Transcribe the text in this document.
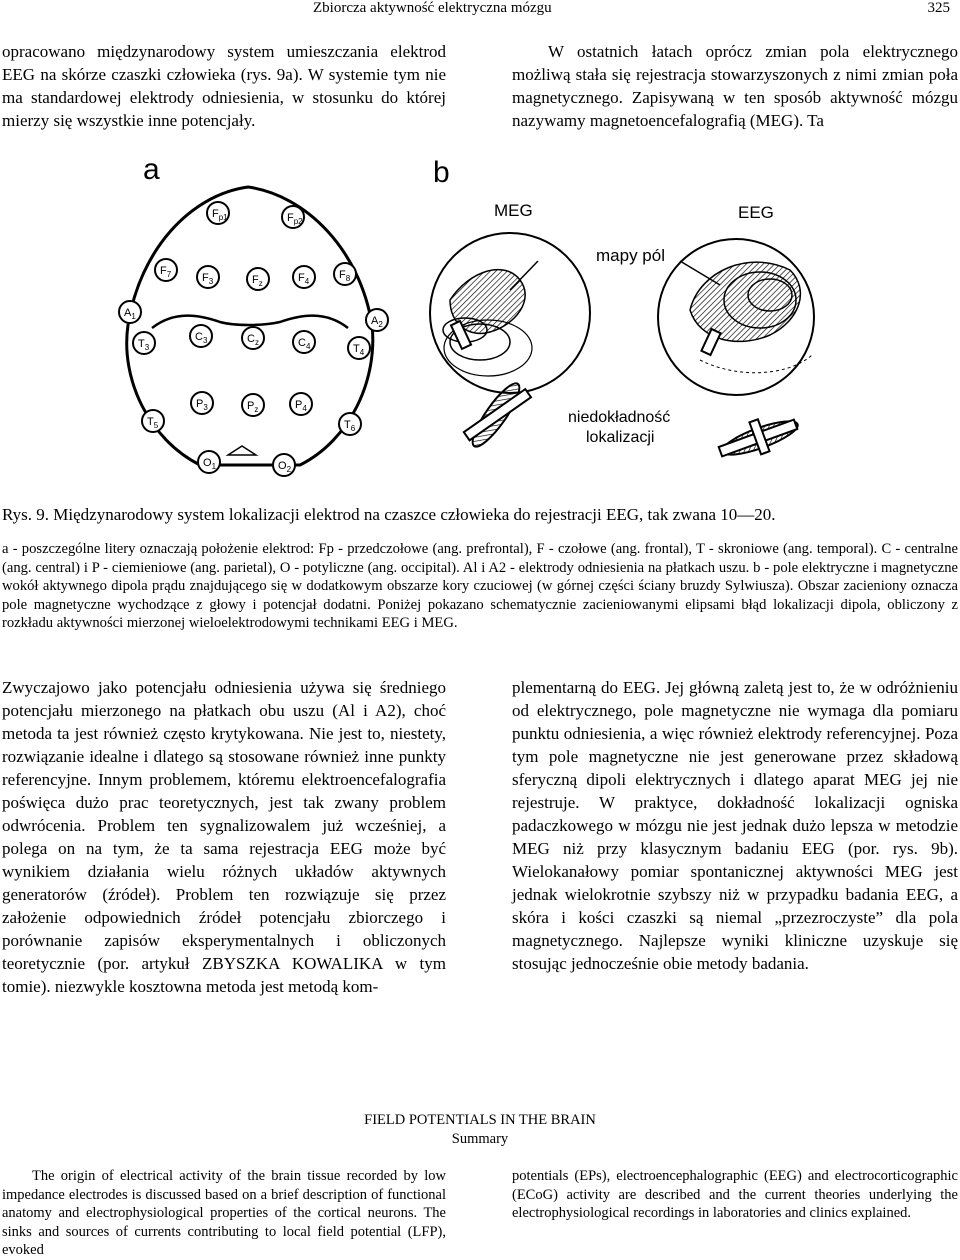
Zbiorcza aktywność elektryczna mózgu	325

opracowano międzynarodowy system umieszczania elektrod EEG na skórze czaszki człowieka (rys. 9a). W systemie tym nie ma standardowej elektrody odniesienia, w stosunku do której mierzy się wszystkie inne potencjały.

W ostatnich łatach oprócz zmian pola elektrycznego możliwą stała się rejestracja stowarzyszonych z nimi zmian poła magnetycznego. Zapisywaną w ten sposób aktywność mózgu nazywamy magnetoencefalografią (MEG). Ta

a
$F_{p1}$	$F_{p2}$
$F_7$	$F_3$	$F_z$	$F_4$
$F_8$
$A_1$	$A_2$
$T_3$
$C_3$	$C_z$	$C_4$	$T_4$
$P_3$	$P_z$	$P_4$
$T_5$	$T_6$
$O_1$	$O_2$
b
MEG	EEG
mapy pól
niedokładność
lokalizacji
Rys. 9. Międzynarodowy system lokalizacji elektrod na czaszce człowieka do rejestracji EEG, tak zwana 10—20.
a - poszczególne litery oznaczają położenie elektrod: Fp - przedczołowe (ang. prefrontal), F - czołowe (ang. frontal), T - skroniowe (ang. temporal). C - centralne (ang. central) i P - ciemieniowe (ang. parietal), O - potyliczne (ang. occipital). Al i A2 - elektrody odniesienia na płatkach uszu. b - pole elektryczne i magnetyczne wokół aktywnego dipola prądu znajdującego się w dodatkowym obszarze kory czuciowej (w górnej części ściany bruzdy Sylwiusza). Obszar zacieniony oznacza pole magnetyczne wychodzące z głowy i potencjał dodatni. Poniżej pokazano schematycznie zacieniowanymi elipsami błąd lokalizacji dipola, obliczony z rozkładu aktywności mierzonej wieloelektrodowymi technikami EEG i MEG.

Zwyczajowo jako potencjału odniesienia używa się średniego potencjału mierzonego na płatkach obu uszu (Al i A2), choć metoda ta jest również często krytykowana. Nie jest to, niestety, rozwiązanie idealne i dlatego są stosowane również inne punkty referencyjne. Innym problemem, któremu elektroencefalografia poświęca dużo prac teoretycznych, jest tak zwany problem odwrócenia. Problem ten sygnalizowalem już wcześniej, a polega on na tym, że ta sama rejestracja EEG może być wynikiem działania wielu różnych układów aktywnych generatorów (źródeł). Problem ten rozwiązuje się przez założenie odpowiednich źródeł potencjału zbiorczego i porównanie zapisów eksperymentalnych i obliczonych teoretycznie (por. artykuł ZBYSZKA KOWALIKA w tym tomie). niezwykle kosztowna metoda jest metodą kom-

plementarną do EEG. Jej główną zaletą jest to, że w odróżnieniu od elektrycznego, pole magnetyczne nie wymaga dla pomiaru punktu odniesienia, a więc również elektrody referencyjnej. Poza tym pole magnetyczne nie jest generowane przez składową sferyczną dipoli elektrycznych i dlatego aparat MEG jej nie rejestruje. W praktyce, dokładność lokalizacji ogniska padaczkowego w mózgu nie jest jednak dużo lepsza w metodzie MEG niż przy klasycznym badaniu EEG (por. rys. 9b). Wielokanałowy pomiar spontanicznej aktywności MEG jest jednak wielokrotnie szybszy niż w przypadku badania EEG, a skóra i kości czaszki są niemal „przezroczyste” dla pola magnetycznego. Najlepsze wyniki kliniczne uzyskuje się stosując jednocześnie obie metody badania.

FIELD POTENTIALS IN THE BRAIN
Summary
The origin of electrical activity of the brain tissue recorded by low impedance electrodes is discussed based on a brief description of functional anatomy and electrophysiological properties of the cortical neurons. The sinks and sources of currents contributing to local field potential (LFP), evoked
potentials (EPs), electroencephalographic (EEG) and electrocorticographic (ECoG) activity are described and the current theories underlying the electrophysiological recordings in laboratories and clinics explained.
